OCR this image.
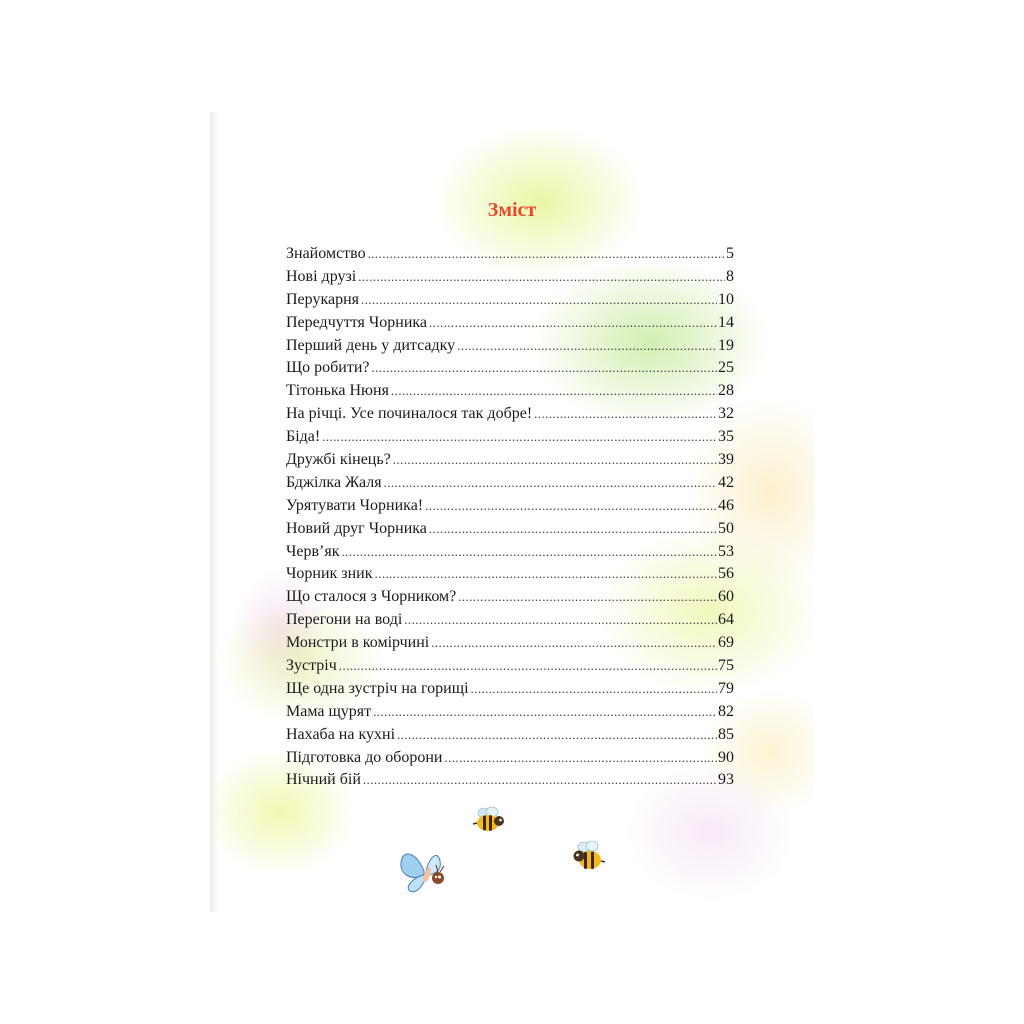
Зміст
Знайомство .....	5
Нові друзі .....	8
Перукарня .....	10
Передчуття Чорника .....	14
Перший день у дитсадку .....	19
Що робити? .....	25
Тітонька Нюня .....	28
На річці. Усе починалося так добре! .....	32
Біда! .....	35
Дружбі кінець? .....	39
Бджілка Жаля .....	42
Урятувати Чорника! .....	46
Новий друг Чорника .....	50
Черв’як .....	53
Чорник зник .....	56
Що сталося з Чорником? .....	60
Перегони на воді .....	64
Монстри в комірчині .....	69
Зустріч .....	75
Ще одна зустріч на горищі .....	79
Мама щурят .....	82
Нахаба на кухні .....	85
Підготовка до оборони .....	90
Нічний бій .....	93
